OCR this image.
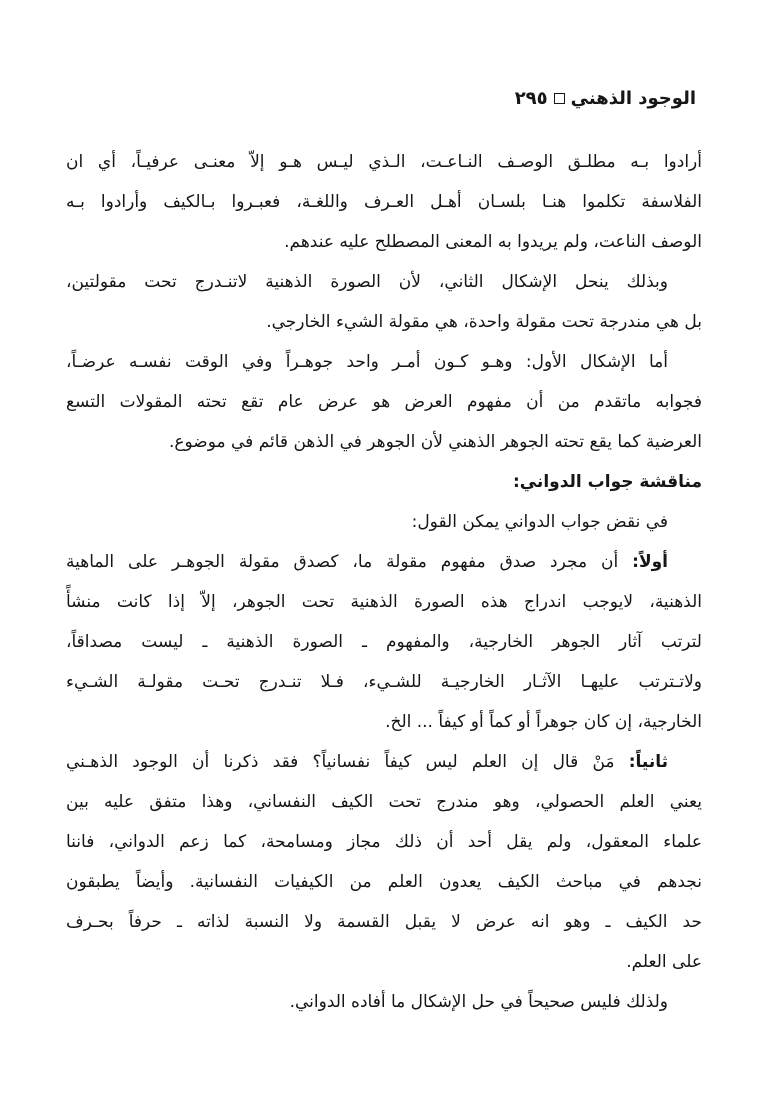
الوجود الذهني
٢٩٥
أرادوا بـه مطلـق الوصـف النـاعـت، الـذي ليـس هـو إلاّ معنـى عرفيـاً، أي ان
الفلاسفة تكلموا هنـا بلسـان أهـل العـرف واللغـة، فعبـروا بـالكيف وأرادوا بـه
الوصف الناعت، ولم يريدوا به المعنى المصطلح عليه عندهم.
وبذلك ينحل الإشكال الثاني، لأن الصورة الذهنية لاتنـدرج تحت مقولتين،
بل هي مندرجة تحت مقولة واحدة، هي مقولة الشيء الخارجي.
أما الإشكال الأول: وهـو كـون أمـر واحد جوهـراً وفي الوقت نفسـه عرضـاً،
فجوابه ماتقدم من أن مفهوم العرض هو عرض عام تقع تحته المقولات التسع
العرضية كما يقع تحته الجوهر الذهني لأن الجوهر في الذهن قائم في موضوع.
مناقشة جواب الدواني:
في نقض جواب الدواني يمكن القول:
أولاً: أن مجرد صدق مفهوم مقولة ما، كصدق مقولة الجوهـر على الماهية
الذهنية، لايوجب اندراج هذه الصورة الذهنية تحت الجوهر، إلاّ إذا كانت منشأً
لترتب آثار الجوهر الخارجية، والمفهوم ـ الصورة الذهنية ـ ليست مصداقاً،
ولاتـترتب عليهـا الآثـار الخارجيـة للشـيء، فـلا تنـدرج تحـت مقولـة الشـيء
الخارجية، إن كان جوهراً أو كماً أو كيفاً ... الخ.
ثانياً: مَنْ قال إن العلم ليس كيفاً نفسانياً؟ فقد ذكرنا أن الوجود الذهـني
يعني العلم الحصولي، وهو مندرج تحت الكيف النفساني، وهذا متفق عليه بين
علماء المعقول، ولم يقل أحد أن ذلك مجاز ومسامحة، كما زعم الدواني، فاننا
نجدهم في مباحث الكيف يعدون العلم من الكيفيات النفسانية. وأيضاً يطبقون
حد الكيف ـ وهو انه عرض لا يقبل القسمة ولا النسبة لذاته ـ حرفاً بحـرف
على العلم.
ولذلك فليس صحيحاً في حل الإشكال ما أفاده الدواني.
